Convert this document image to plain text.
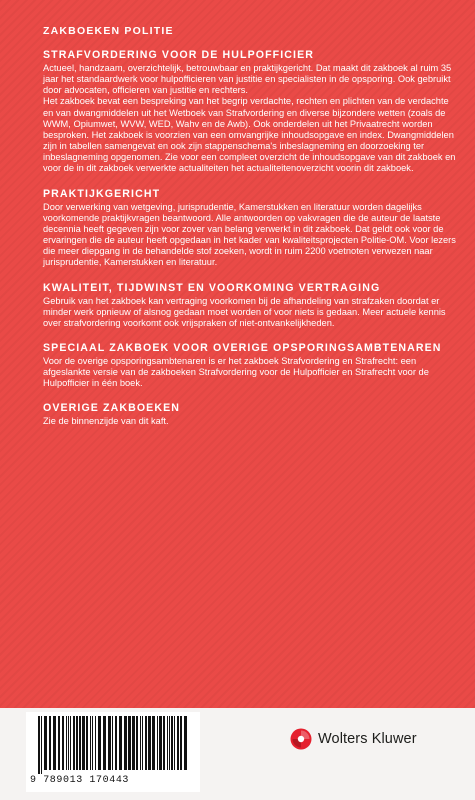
ZAKBOEKEN POLITIE
STRAFVORDERING VOOR DE HULPOFFICIER

Actueel, handzaam, overzichtelijk, betrouwbaar en praktijkgericht. Dat maakt dit zakboek al ruim 35 jaar het standaardwerk voor hulpofficieren van justitie en specialisten in de opsporing. Ook gebruikt door advocaten, officieren van justitie en rechters.

Het zakboek bevat een bespreking van het begrip verdachte, rechten en plichten van de verdachte en van dwangmiddelen uit het Wetboek van Strafvordering en diverse bijzondere wetten (zoals de WWM, Opiumwet, WVW, WED, Wahv en de Awb). Ook onderdelen uit het Privaatrecht worden besproken. Het zakboek is voorzien van een omvangrijke inhoudsopgave en index. Dwangmiddelen zijn in tabellen samengevat en ook zijn stappenschema's inbeslagneming en doorzoeking ter inbeslagneming opgenomen. Zie voor een compleet overzicht de inhoudsopgave van dit zakboek en voor de in dit zakboek verwerkte actualiteiten het actualiteitenoverzicht voorin dit zakboek.

PRAKTIJKGERICHT

Door verwerking van wetgeving, jurisprudentie, Kamerstukken en literatuur worden dagelijks voorkomende praktijkvragen beantwoord. Alle antwoorden op vakvragen die de auteur de laatste decennia heeft gegeven zijn voor zover van belang verwerkt in dit zakboek. Dat geldt ook voor de ervaringen die de auteur heeft opgedaan in het kader van kwaliteitsprojecten Politie-OM. Voor lezers die meer diepgang in de behandelde stof zoeken, wordt in ruim 2200 voetnoten verwezen naar jurisprudentie, Kamerstukken en literatuur.

KWALITEIT, TIJDWINST EN VOORKOMING VERTRAGING

Gebruik van het zakboek kan vertraging voorkomen bij de afhandeling van strafzaken doordat er minder werk opnieuw of alsnog gedaan moet worden of voor niets is gedaan. Meer actuele kennis over strafvordering voorkomt ook vrijspraken of niet-ontvankelijkheden.

SPECIAAL ZAKBOEK VOOR OVERIGE OPSPORINGSAMBTENAREN

Voor de overige opsporingsambtenaren is er het zakboek Strafvordering en Strafrecht: een afgeslankte versie van de zakboeken Strafvordering voor de Hulpofficier en Strafrecht voor de Hulpofficier in één boek.

OVERIGE ZAKBOEKEN

Zie de binnenzijde van dit kaft.

9 789013 170443
Wolters Kluwer
